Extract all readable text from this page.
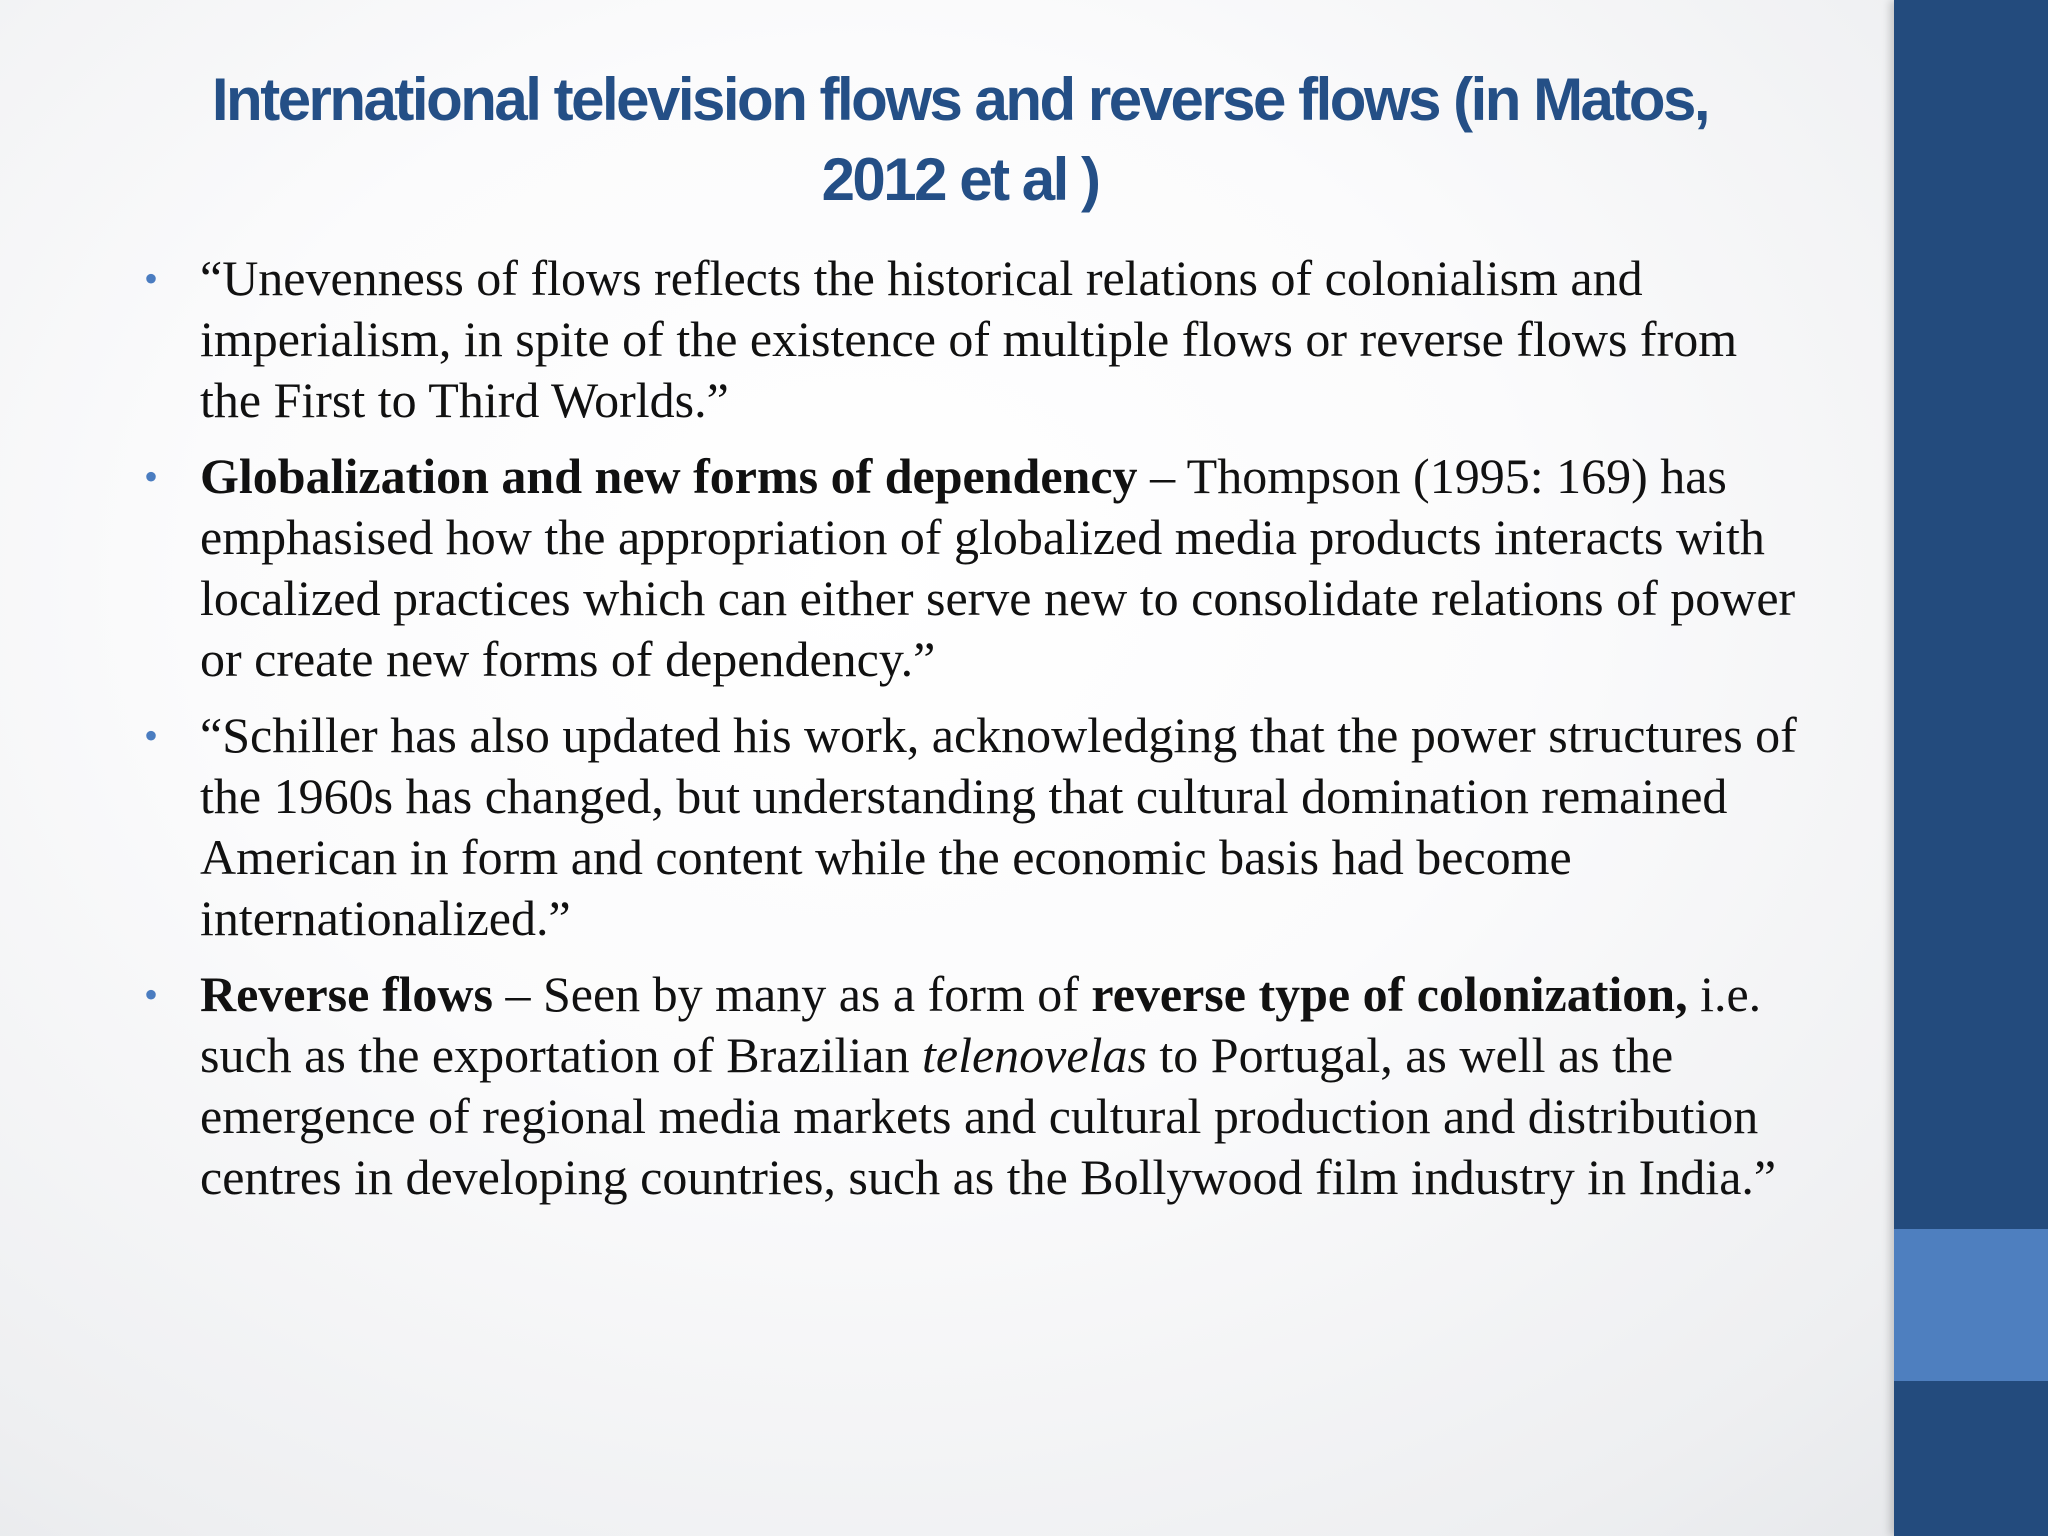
International television flows and reverse flows (in Matos,
2012 et al )
• “Unevenness of flows reflects the historical relations of colonialism and imperialism, in spite of the existence of multiple flows or reverse flows from the First to Third Worlds.”
• Globalization and new forms of dependency – Thompson (1995: 169) has emphasised how the appropriation of globalized media products interacts with localized practices which can either serve new to consolidate relations of power or create new forms of dependency.”
• “Schiller has also updated his work, acknowledging that the power structures of the 1960s has changed, but understanding that cultural domination remained American in form and content while the economic basis had become internationalized.”
• Reverse flows – Seen by many as a form of reverse type of colonization, i.e. such as the exportation of Brazilian telenovelas to Portugal, as well as the emergence of regional media markets and cultural production and distribution centres in developing countries, such as the Bollywood film industry in India.”
